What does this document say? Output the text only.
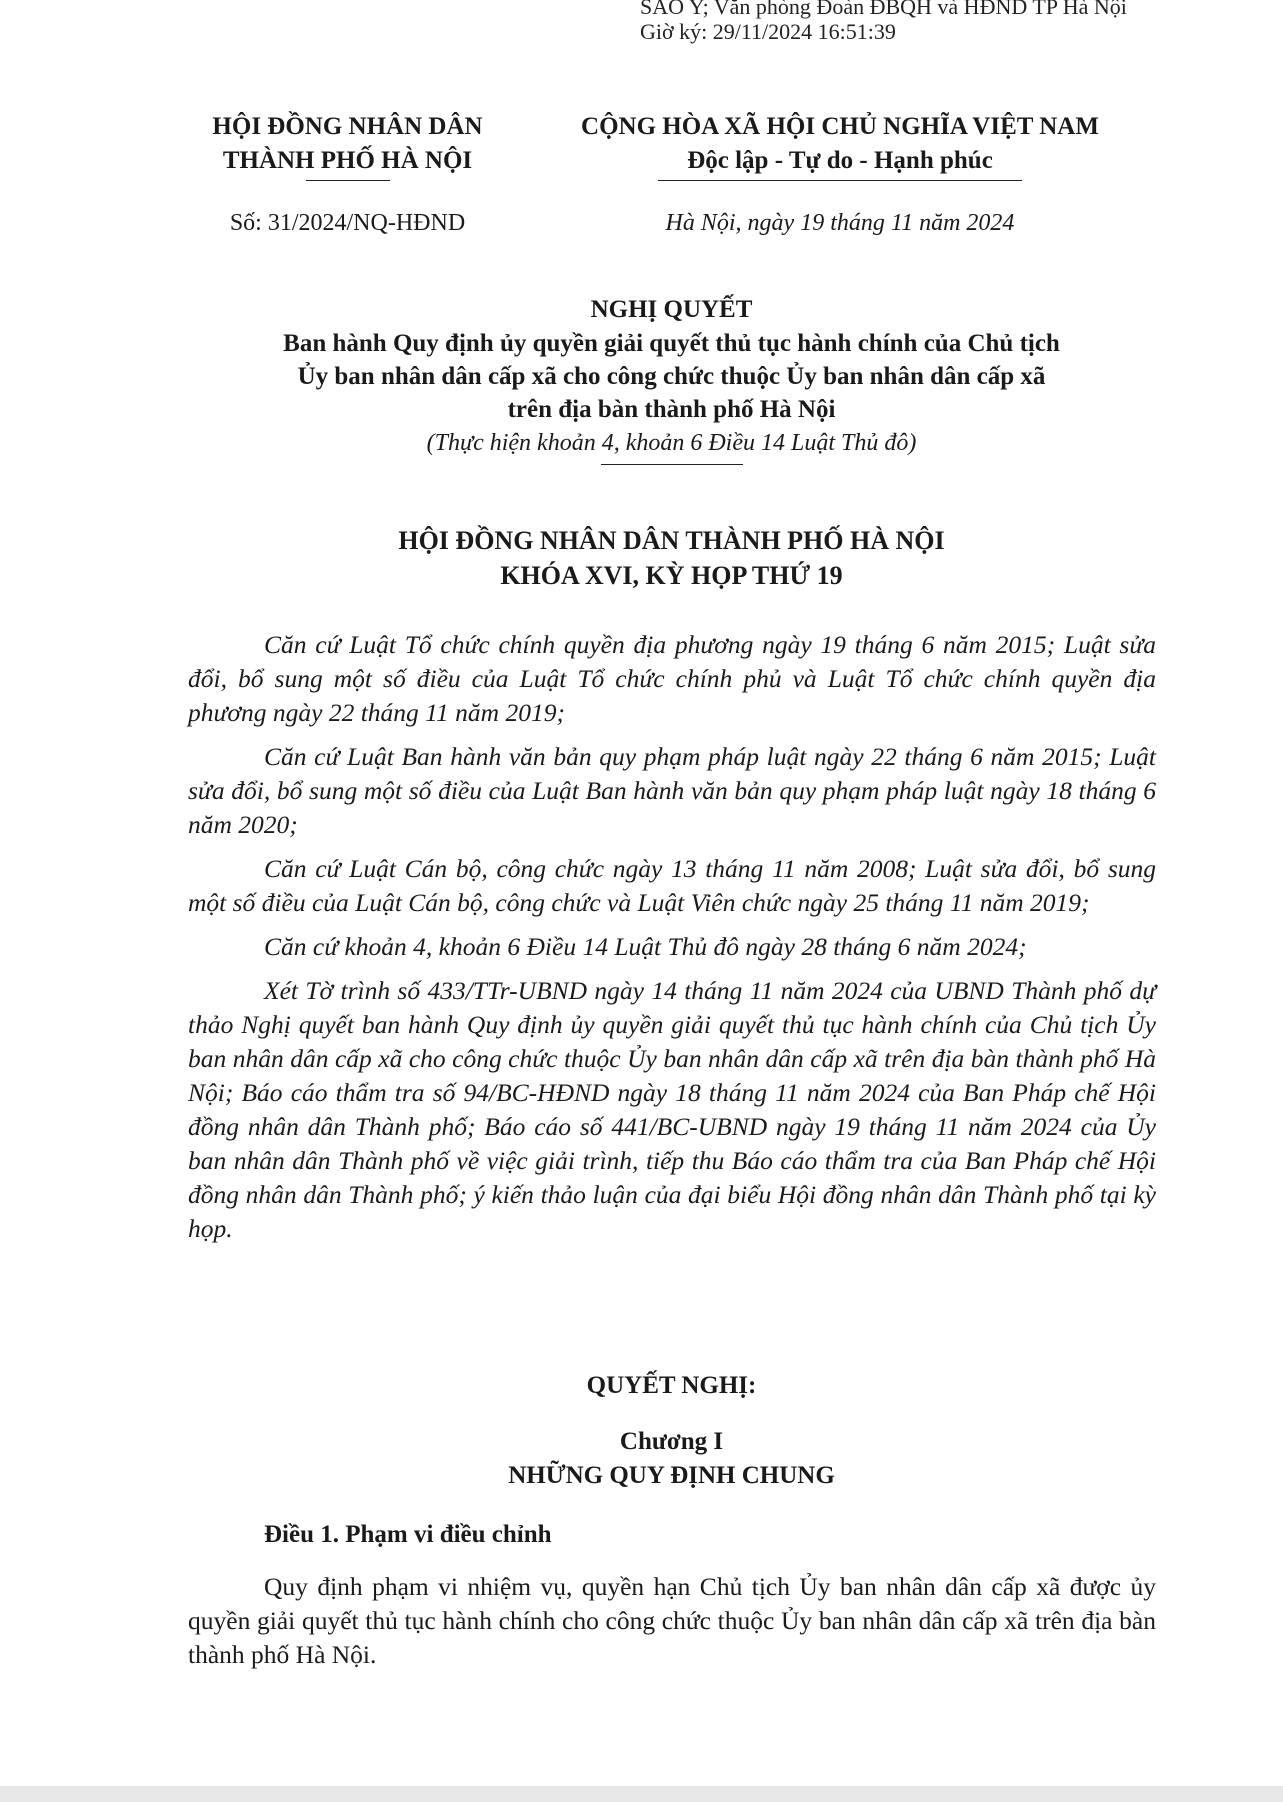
SAO Y; Văn phòng Đoàn ĐBQH và HĐND TP Hà Nội
Giờ ký: 29/11/2024 16:51:39
HỘI ĐỒNG NHÂN DÂN
THÀNH PHỐ HÀ NỘI
CỘNG HÒA XÃ HỘI CHỦ NGHĨA VIỆT NAM
Độc lập - Tự do - Hạnh phúc
Số: 31/2024/NQ-HĐND	Hà Nội, ngày 19 tháng 11 năm 2024
NGHỊ QUYẾT
Ban hành Quy định ủy quyền giải quyết thủ tục hành chính của Chủ tịch
Ủy ban nhân dân cấp xã cho công chức thuộc Ủy ban nhân dân cấp xã
trên địa bàn thành phố Hà Nội
(Thực hiện khoản 4, khoản 6 Điều 14 Luật Thủ đô)
HỘI ĐỒNG NHÂN DÂN THÀNH PHỐ HÀ NỘI
KHÓA XVI, KỲ HỌP THỨ 19

Căn cứ Luật Tổ chức chính quyền địa phương ngày 19 tháng 6 năm 2015; Luật sửa đổi, bổ sung một số điều của Luật Tổ chức chính phủ và Luật Tổ chức chính quyền địa phương ngày 22 tháng 11 năm 2019;

Căn cứ Luật Ban hành văn bản quy phạm pháp luật ngày 22 tháng 6 năm 2015; Luật sửa đổi, bổ sung một số điều của Luật Ban hành văn bản quy phạm pháp luật ngày 18 tháng 6 năm 2020;

Căn cứ Luật Cán bộ, công chức ngày 13 tháng 11 năm 2008; Luật sửa đổi, bổ sung một số điều của Luật Cán bộ, công chức và Luật Viên chức ngày 25 tháng 11 năm 2019;

Căn cứ khoản 4, khoản 6 Điều 14 Luật Thủ đô ngày 28 tháng 6 năm 2024;

Xét Tờ trình số 433/TTr-UBND ngày 14 tháng 11 năm 2024 của UBND Thành phố dự thảo Nghị quyết ban hành Quy định ủy quyền giải quyết thủ tục hành chính của Chủ tịch Ủy ban nhân dân cấp xã cho công chức thuộc Ủy ban nhân dân cấp xã trên địa bàn thành phố Hà Nội; Báo cáo thẩm tra số 94/BC-HĐND ngày 18 tháng 11 năm 2024 của Ban Pháp chế Hội đồng nhân dân Thành phố; Báo cáo số 441/BC-UBND ngày 19 tháng 11 năm 2024 của Ủy ban nhân dân Thành phố về việc giải trình, tiếp thu Báo cáo thẩm tra của Ban Pháp chế Hội đồng nhân dân Thành phố; ý kiến thảo luận của đại biểu Hội đồng nhân dân Thành phố tại kỳ họp.

QUYẾT NGHỊ:
Chương I
NHỮNG QUY ĐỊNH CHUNG
Điều 1. Phạm vi điều chỉnh
Quy định phạm vi nhiệm vụ, quyền hạn Chủ tịch Ủy ban nhân dân cấp xã được ủy quyền giải quyết thủ tục hành chính cho công chức thuộc Ủy ban nhân dân cấp xã trên địa bàn thành phố Hà Nội.
